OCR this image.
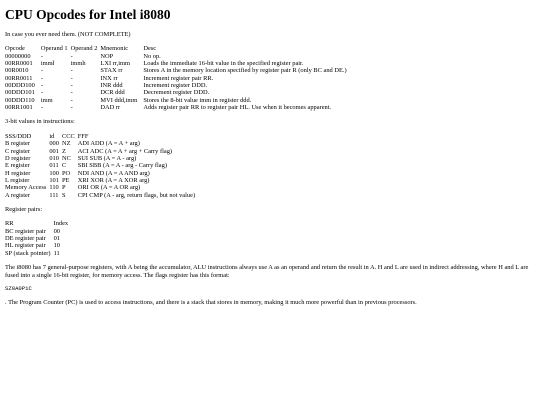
CPU Opcodes for Intel i8080

In case you ever need them. (NOT COMPLETE)

Opcode	Operand 1	Operand 2	Mnemonic	Desc
00000000	-	-	NOP	No op.
00RR0001	immł	immh	LXI rr,imm	Loads the immediate 16-bit value in the specified register pair.
00R0010	-	-	STAX rr	Stores A in the memory location specified by register pair R (only BC and DE.)
00RR0011	-	-	INX rr	Increment register pair RR.
00DDD100	-	-	INR ddd	Increment register DDD.
00DDD101	-	-	DCR ddd	Decrement register DDD.
00DDD110	imm	-	MVI ddd,imm	Stores the 8-bit value imm in register ddd.
00RR1001	-	-	DAD rr	Adds register pair RR to register pair HL. Use when it becomes apparent.

3-bit values in instructions:

SSS/DDD	id	CCC	FFF
B register	000	NZ	ADI ADD (A = A + arg)
C register	001	Z	ACI ADC (A = A + arg + Carry flag)
D register	010	NC	SUI SUB (A = A - arg)
E register	011	C	SBI SBB (A = A - arg - Carry flag)
H register	100	PO	NDI AND (A = A AND arg)
L register	101	PE	XRI XOR (A = A XOR arg)
Memory Access	110	P	ORI OR (A = A OR arg)
A register	111	S	CPI CMP (A - arg, return flags, but not value)

Register pairs:

RR	Index
BC register pair	00
DE register pair	01
HL register pair	10
SP (stack pointer)	11

The i8080 has 7 general-purpose registers, with A being the accumulator, ALU instructions always use A as an operand and return the result in A. H and L are used in indirect addressing, where H and L are fused into a single 16-bit register, for memory access. The flags register has this format:

SZ0A0P1C

. The Program Counter (PC) is used to access instructions, and there is a stack that stores in memory, making it much more powerful than in previous processors.
